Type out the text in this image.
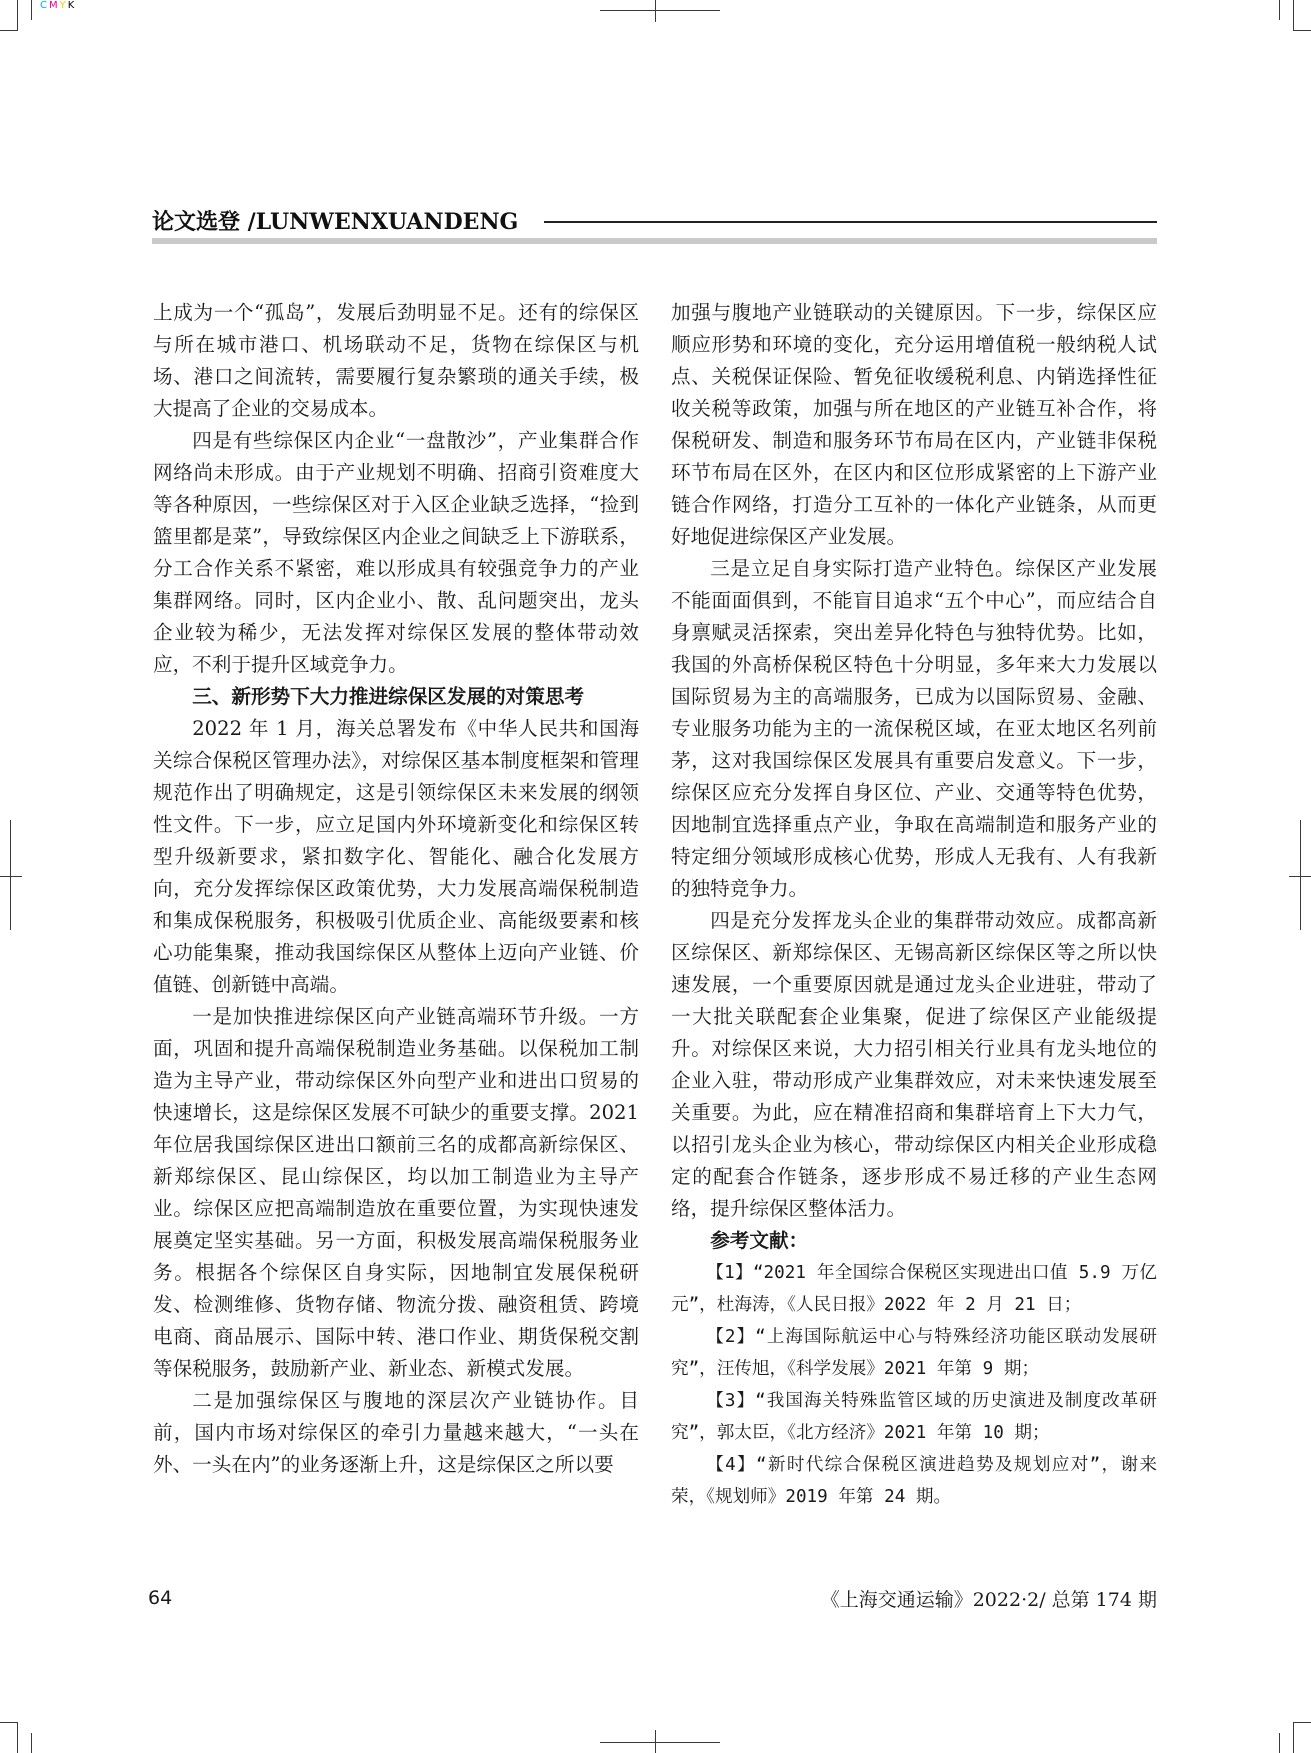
CMYK
论文选登 /LUNWENXUANDENG

上成为一个“孤岛”，发展后劲明显不足。还有的综保区与所在城市港口、机场联动不足，货物在综保区与机场、港口之间流转，需要履行复杂繁琐的通关手续，极大提高了企业的交易成本。

四是有些综保区内企业“一盘散沙”，产业集群合作网络尚未形成。由于产业规划不明确、招商引资难度大等各种原因，一些综保区对于入区企业缺乏选择，“捡到篮里都是菜”，导致综保区内企业之间缺乏上下游联系，分工合作关系不紧密，难以形成具有较强竞争力的产业集群网络。同时，区内企业小、散、乱问题突出，龙头企业较为稀少，无法发挥对综保区发展的整体带动效应，不利于提升区域竞争力。

三、新形势下大力推进综保区发展的对策思考

2022 年 1 月，海关总署发布《中华人民共和国海关综合保税区管理办法》，对综保区基本制度框架和管理规范作出了明确规定，这是引领综保区未来发展的纲领性文件。下一步，应立足国内外环境新变化和综保区转型升级新要求，紧扣数字化、智能化、融合化发展方向，充分发挥综保区政策优势，大力发展高端保税制造和集成保税服务，积极吸引优质企业、高能级要素和核心功能集聚，推动我国综保区从整体上迈向产业链、价值链、创新链中高端。

一是加快推进综保区向产业链高端环节升级。一方面，巩固和提升高端保税制造业务基础。以保税加工制造为主导产业，带动综保区外向型产业和进出口贸易的快速增长，这是综保区发展不可缺少的重要支撑。2021 年位居我国综保区进出口额前三名的成都高新综保区、新郑综保区、昆山综保区，均以加工制造业为主导产业。综保区应把高端制造放在重要位置，为实现快速发展奠定坚实基础。另一方面，积极发展高端保税服务业务。根据各个综保区自身实际，因地制宜发展保税研发、检测维修、货物存储、物流分拨、融资租赁、跨境电商、商品展示、国际中转、港口作业、期货保税交割等保税服务，鼓励新产业、新业态、新模式发展。

二是加强综保区与腹地的深层次产业链协作。目前，国内市场对综保区的牵引力量越来越大，“一头在外、一头在内”的业务逐渐上升，这是综保区之所以要

加强与腹地产业链联动的关键原因。下一步，综保区应顺应形势和环境的变化，充分运用增值税一般纳税人试点、关税保证保险、暂免征收缓税利息、内销选择性征收关税等政策，加强与所在地区的产业链互补合作，将保税研发、制造和服务环节布局在区内，产业链非保税环节布局在区外，在区内和区位形成紧密的上下游产业链合作网络，打造分工互补的一体化产业链条，从而更好地促进综保区产业发展。

三是立足自身实际打造产业特色。综保区产业发展不能面面俱到，不能盲目追求“五个中心”，而应结合自身禀赋灵活探索，突出差异化特色与独特优势。比如，我国的外高桥保税区特色十分明显，多年来大力发展以国际贸易为主的高端服务，已成为以国际贸易、金融、专业服务功能为主的一流保税区域，在亚太地区名列前茅，这对我国综保区发展具有重要启发意义。下一步，综保区应充分发挥自身区位、产业、交通等特色优势，因地制宜选择重点产业，争取在高端制造和服务产业的特定细分领域形成核心优势，形成人无我有、人有我新的独特竞争力。

四是充分发挥龙头企业的集群带动效应。成都高新区综保区、新郑综保区、无锡高新区综保区等之所以快速发展，一个重要原因就是通过龙头企业进驻，带动了一大批关联配套企业集聚，促进了综保区产业能级提升。对综保区来说，大力招引相关行业具有龙头地位的企业入驻，带动形成产业集群效应，对未来快速发展至关重要。为此，应在精准招商和集群培育上下大力气，以招引龙头企业为核心，带动综保区内相关企业形成稳定的配套合作链条，逐步形成不易迁移的产业生态网络，提升综保区整体活力。

参考文献：

【1】“2021 年全国综合保税区实现进出口值 5.9 万亿元”，杜海涛，《人民日报》2022 年 2 月 21 日；

【2】“上海国际航运中心与特殊经济功能区联动发展研究”，汪传旭，《科学发展》2021 年第 9 期；

【3】“我国海关特殊监管区域的历史演进及制度改革研究”，郭太臣，《北方经济》2021 年第 10 期；

【4】“新时代综合保税区演进趋势及规划应对”，谢来荣，《规划师》2019 年第 24 期。

64	《上海交通运输》2022·2/ 总第 174 期
